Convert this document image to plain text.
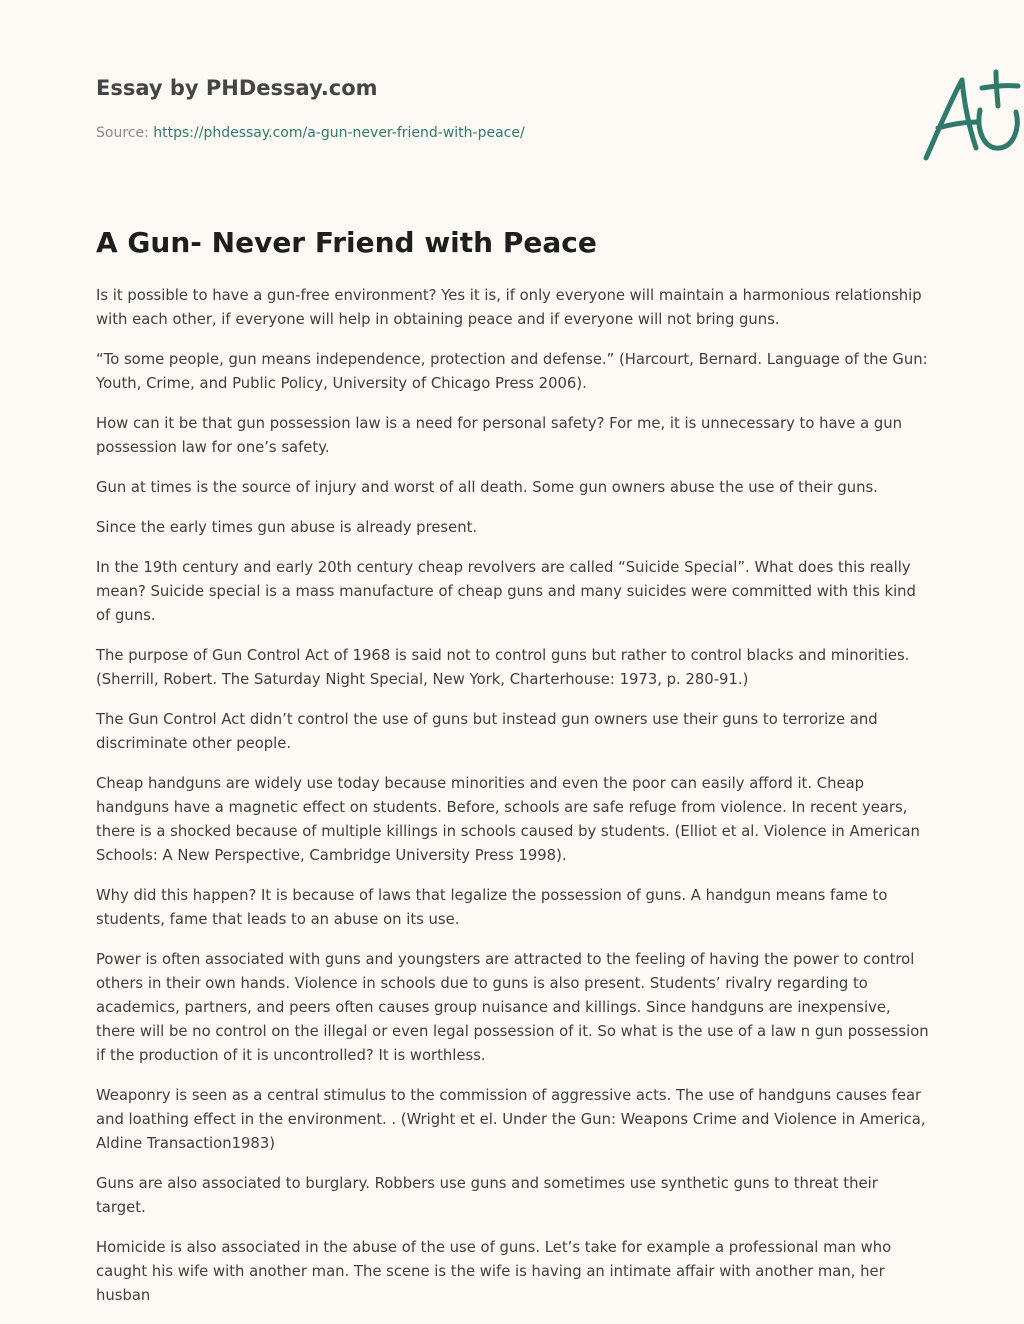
Essay by PHDessay.com
Source: https://phdessay.com/a-gun-never-friend-with-peace/
A Gun- Never Friend with Peace

Is it possible to have a gun-free environment? Yes it is, if only everyone will maintain a harmonious relationship with each other, if everyone will help in obtaining peace and if everyone will not bring guns.

“To some people, gun means independence, protection and defense.” (Harcourt, Bernard. Language of the Gun: Youth, Crime, and Public Policy, University of Chicago Press 2006).

How can it be that gun possession law is a need for personal safety? For me, it is unnecessary to have a gun possession law for one’s safety.

Gun at times is the source of injury and worst of all death. Some gun owners abuse the use of their guns.

Since the early times gun abuse is already present.

In the 19th century and early 20th century cheap revolvers are called “Suicide Special”. What does this really mean? Suicide special is a mass manufacture of cheap guns and many suicides were committed with this kind of guns.

The purpose of Gun Control Act of 1968 is said not to control guns but rather to control blacks and minorities. (Sherrill, Robert. The Saturday Night Special, New York, Charterhouse: 1973, p. 280-91.)

The Gun Control Act didn’t control the use of guns but instead gun owners use their guns to terrorize and discriminate other people.

Cheap handguns are widely use today because minorities and even the poor can easily afford it. Cheap handguns have a magnetic effect on students. Before, schools are safe refuge from violence. In recent years, there is a shocked because of multiple killings in schools caused by students. (Elliot et al. Violence in American Schools: A New Perspective, Cambridge University Press 1998).

Why did this happen? It is because of laws that legalize the possession of guns. A handgun means fame to students, fame that leads to an abuse on its use.

Power is often associated with guns and youngsters are attracted to the feeling of having the power to control others in their own hands. Violence in schools due to guns is also present. Students’ rivalry regarding to academics, partners, and peers often causes group nuisance and killings. Since handguns are inexpensive, there will be no control on the illegal or even legal possession of it. So what is the use of a law n gun possession if the production of it is uncontrolled? It is worthless.

Weaponry is seen as a central stimulus to the commission of aggressive acts. The use of handguns causes fear and loathing effect in the environment. . (Wright et el. Under the Gun: Weapons Crime and Violence in America, Aldine Transaction1983)

Guns are also associated to burglary. Robbers use guns and sometimes use synthetic guns to threat their target.

Homicide is also associated in the abuse of the use of guns. Let’s take for example a professional man who caught his wife with another man. The scene is the wife is having an intimate affair with another man, her husban
